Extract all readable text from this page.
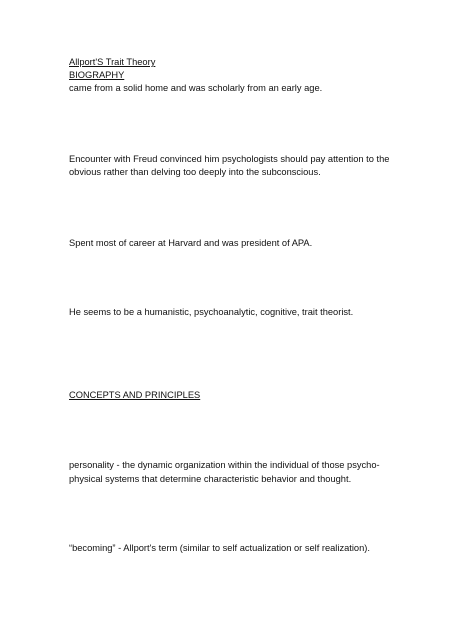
Allport'S Trait Theory
BIOGRAPHY
came from a solid home and was scholarly from an early age.
Encounter with Freud convinced him psychologists should pay attention to the
obvious rather than delving too deeply into the subconscious.
Spent most of career at Harvard and was president of APA.
He seems to be a humanistic, psychoanalytic, cognitive, trait theorist.
CONCEPTS AND PRINCIPLES
personality - the dynamic organization within the individual of those psycho-
physical systems that determine characteristic behavior and thought.
“becoming” - Allport's term (similar to self actualization or self realization).
